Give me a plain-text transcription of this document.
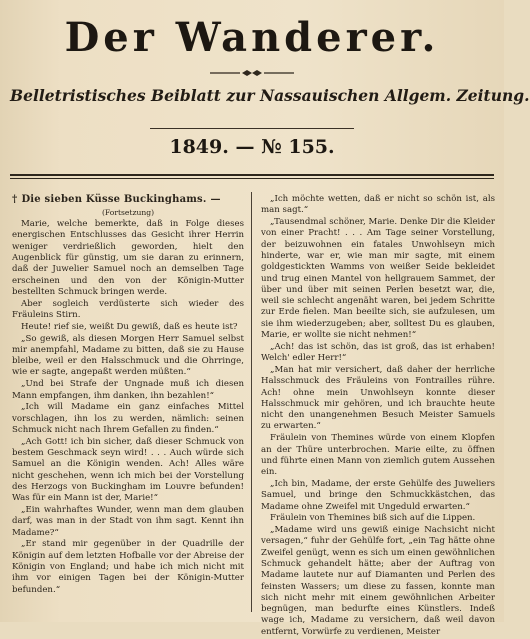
Der Wanderer.
Belletristisches Beiblatt zur Nassauischen Allgem. Zeitung.
1849. — № 155.
† Die sieben Küsse Buckinghams. —

(Fortsetzung)

Marie, welche bemerkte, daß in Folge dieses energischen Entschlusses das Gesicht ihrer Herrin weniger verdrießlich geworden, hielt den Augenblick für günstig, um sie daran zu erinnern, daß der Juwelier Samuel noch an demselben Tage erscheinen und den von der Königin-Mutter bestellten Schmuck bringen werde.

Aber sogleich verdüsterte sich wieder des Fräuleins Stirn.

Heute! rief sie, weißt Du gewiß, daß es heute ist?

„So gewiß, als diesen Morgen Herr Samuel selbst mir anempfahl, Madame zu bitten, daß sie zu Hause bleibe, weil er den Halsschmuck und die Ohrringe, wie er sagte, angepaßt werden müßten.“

„Und bei Strafe der Ungnade muß ich diesen Mann empfangen, ihm danken, ihn bezahlen!“

„Ich will Madame ein ganz einfaches Mittel vorschlagen, ihn los zu werden, nämlich: seinen Schmuck nicht nach Ihrem Gefallen zu finden.“

„Ach Gott! ich bin sicher, daß dieser Schmuck von bestem Geschmack seyn wird! . . . Auch würde sich Samuel an die Königin wenden. Ach! Alles wäre nicht geschehen, wenn ich mich bei der Vorstellung des Herzogs von Buckingham im Louvre befunden! Was für ein Mann ist der, Marie!“

„Ein wahrhaftes Wunder, wenn man dem glauben darf, was man in der Stadt von ihm sagt. Kennt ihn Madame?“

„Er stand mir gegenüber in der Quadrille der Königin auf dem letzten Hofballe vor der Abreise der Königin von England; und habe ich mich nicht mit ihm vor einigen Tagen bei der Königin-Mutter befunden.“

„Ich möchte wetten, daß er nicht so schön ist, als man sagt.“

„Tausendmal schöner, Marie. Denke Dir die Kleider von einer Pracht! . . . Am Tage seiner Vorstellung, der beizuwohnen ein fatales Unwohlseyn mich hinderte, war er, wie man mir sagte, mit einem goldgestickten Wamms von weißer Seide bekleidet und trug einen Mantel von hellgrauem Sammet, der über und über mit seinen Perlen besetzt war, die, weil sie schlecht angenäht waren, bei jedem Schritte zur Erde fielen. Man beeilte sich, sie aufzulesen, um sie ihm wiederzugeben; aber, solltest Du es glauben, Marie, er wollte sie nicht nehmen!“

„Ach! das ist schön, das ist groß, das ist erhaben! Welch' edler Herr!“

„Man hat mir versichert, daß daher der herrliche Halsschmuck des Fräuleins von Fontrailles rühre. Ach! ohne mein Unwohlseyn konnte dieser Halsschmuck mir gehören, und ich brauchte heute nicht den unangenehmen Besuch Meister Samuels zu erwarten.“

Fräulein von Themines würde von einem Klopfen an der Thüre unterbrochen. Marie eilte, zu öffnen und führte einen Mann von ziemlich gutem Aussehen ein.

„Ich bin, Madame, der erste Gehülfe des Juweliers Samuel, und bringe den Schmuckkästchen, das Madame ohne Zweifel mit Ungeduld erwarten.“

Fräulein von Themines biß sich auf die Lippen.

„Madame wird uns gewiß einige Nachsicht nicht versagen,“ fuhr der Gehülfe fort, „ein Tag hätte ohne Zweifel genügt, wenn es sich um einen gewöhnlichen Schmuck gehandelt hätte; aber der Auftrag von Madame lautete nur auf Diamanten und Perlen des feinsten Wassers; um diese zu fassen, konnte man sich nicht mehr mit einem gewöhnlichen Arbeiter begnügen, man bedurfte eines Künstlers. Indeß wage ich, Madame zu versichern, daß weil davon entfernt, Vorwürfe zu verdienen, Meister
